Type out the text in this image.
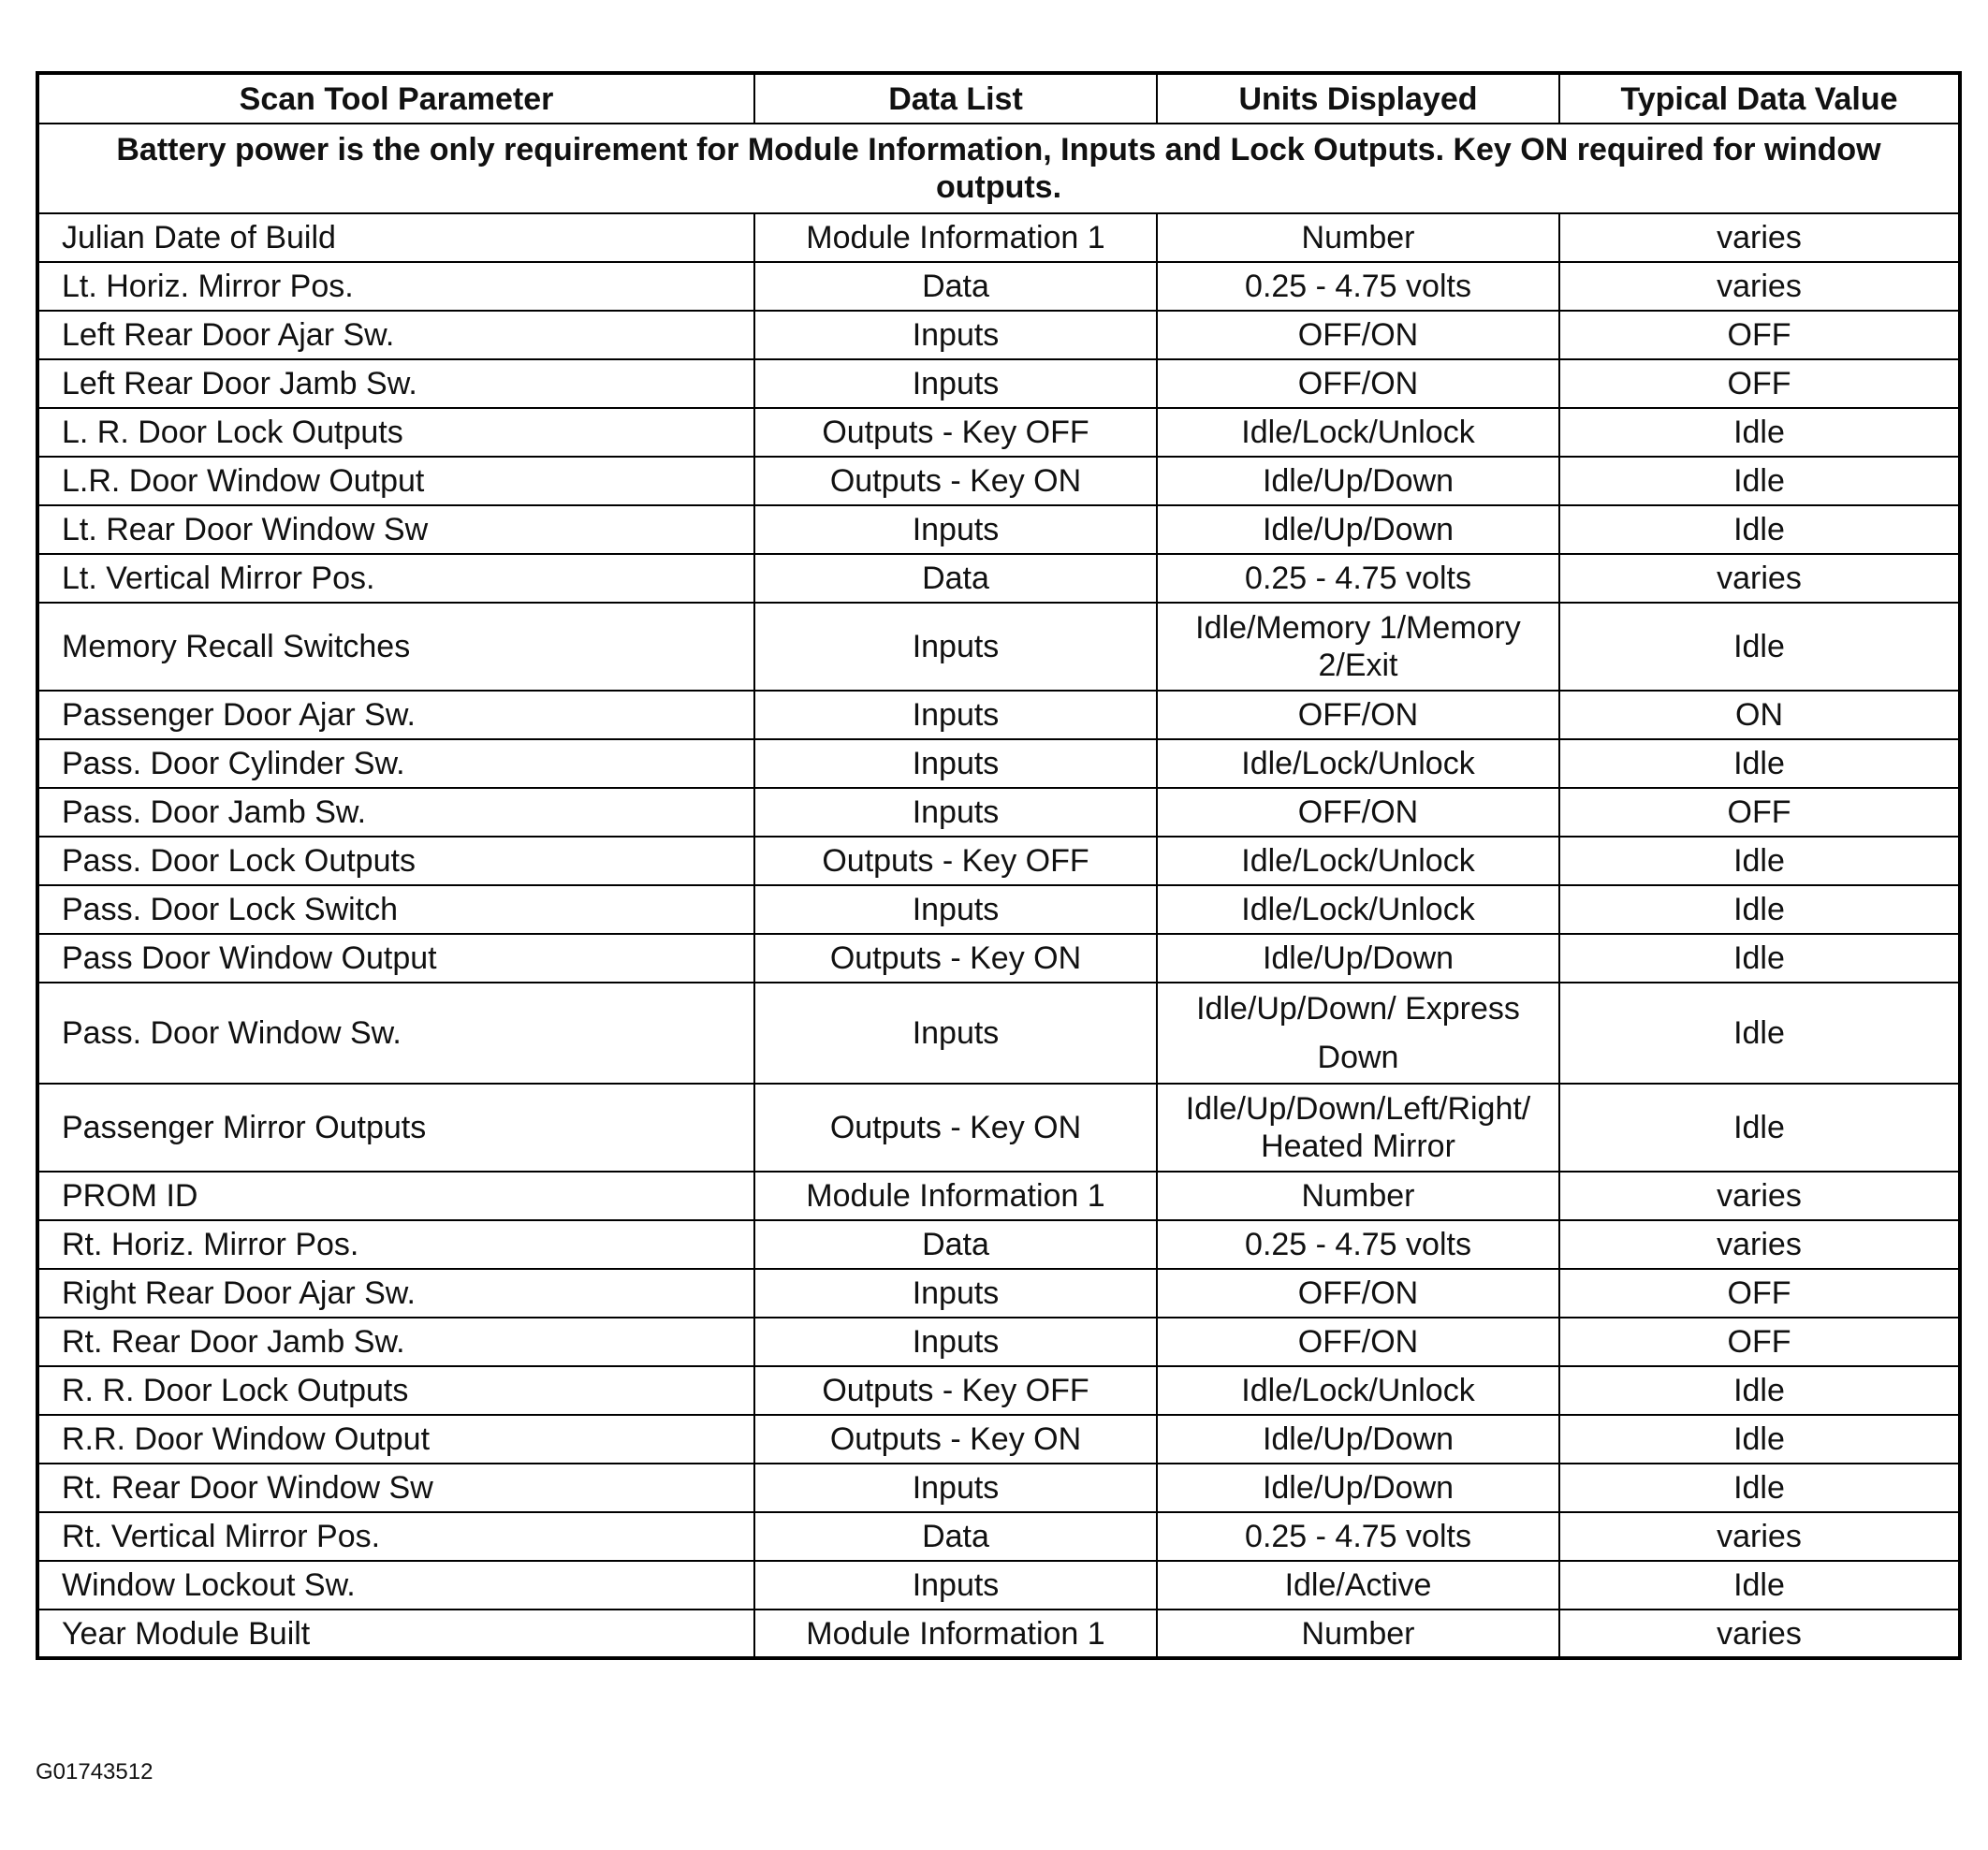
Scan Tool Parameter	Data List	Units Displayed	Typical Data Value
Battery power is the only requirement for Module Information, Inputs and Lock Outputs. Key ON required for window outputs.			
Julian Date of Build	Module Information 1	Number	varies
Lt. Horiz. Mirror Pos.	Data	0.25 - 4.75 volts	varies
Left Rear Door Ajar Sw.	Inputs	OFF/ON	OFF
Left Rear Door Jamb Sw.	Inputs	OFF/ON	OFF
L. R. Door Lock Outputs	Outputs - Key OFF	Idle/Lock/Unlock	Idle
L.R. Door Window Output	Outputs - Key ON	Idle/Up/Down	Idle
Lt. Rear Door Window Sw	Inputs	Idle/Up/Down	Idle
Lt. Vertical Mirror Pos.	Data	0.25 - 4.75 volts	varies
Memory Recall Switches	Inputs	Idle/Memory 1/Memory 2/Exit	Idle
Passenger Door Ajar Sw.	Inputs	OFF/ON	ON
Pass. Door Cylinder Sw.	Inputs	Idle/Lock/Unlock	Idle
Pass. Door Jamb Sw.	Inputs	OFF/ON	OFF
Pass. Door Lock Outputs	Outputs - Key OFF	Idle/Lock/Unlock	Idle
Pass. Door Lock Switch	Inputs	Idle/Lock/Unlock	Idle
Pass Door Window Output	Outputs - Key ON	Idle/Up/Down	Idle
Pass. Door Window Sw.	Inputs	Idle/Up/Down/ Express Down	Idle
Passenger Mirror Outputs	Outputs - Key ON	Idle/Up/Down/Left/Right/ Heated Mirror	Idle
PROM ID	Module Information 1	Number	varies
Rt. Horiz. Mirror Pos.	Data	0.25 - 4.75 volts	varies
Right Rear Door Ajar Sw.	Inputs	OFF/ON	OFF
Rt. Rear Door Jamb Sw.	Inputs	OFF/ON	OFF
R. R. Door Lock Outputs	Outputs - Key OFF	Idle/Lock/Unlock	Idle
R.R. Door Window Output	Outputs - Key ON	Idle/Up/Down	Idle
Rt. Rear Door Window Sw	Inputs	Idle/Up/Down	Idle
Rt. Vertical Mirror Pos.	Data	0.25 - 4.75 volts	varies
Window Lockout Sw.	Inputs	Idle/Active	Idle
Year Module Built	Module Information 1	Number	varies
G01743512
